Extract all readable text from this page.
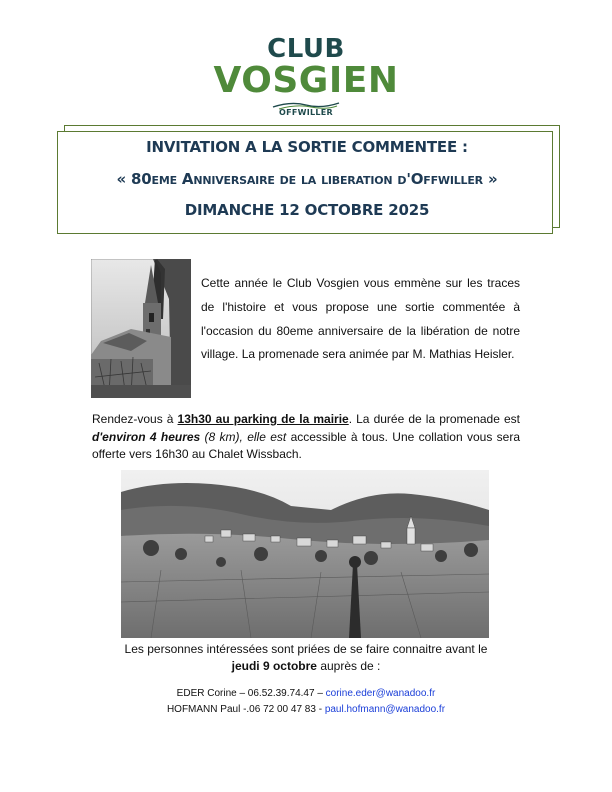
CLUB
VOSGIEN
OFFWILLER
INVITATION A LA SORTIE COMMENTEE :
« 80eme Anniversaire de la liberation d'Offwiller »
DIMANCHE 12 OCTOBRE 2025
Cette année le Club Vosgien vous emmène sur les traces de l'histoire et vous propose une sortie commentée à l'occasion du 80eme anniversaire de la libération de notre village. La promenade sera animée par M. Mathias Heisler.
Rendez-vous à 13h30 au parking de la mairie. La durée de la promenade est d'environ 4 heures (8 km), elle est accessible à tous. Une collation vous sera offerte vers 16h30 au Chalet Wissbach.
Les personnes intéressées sont priées de se faire connaitre avant le
jeudi 9 octobre auprès de :
EDER Corine – 06.52.39.74.47 – corine.eder@wanadoo.fr
HOFMANN Paul -.06 72 00 47 83 - paul.hofmann@wanadoo.fr
